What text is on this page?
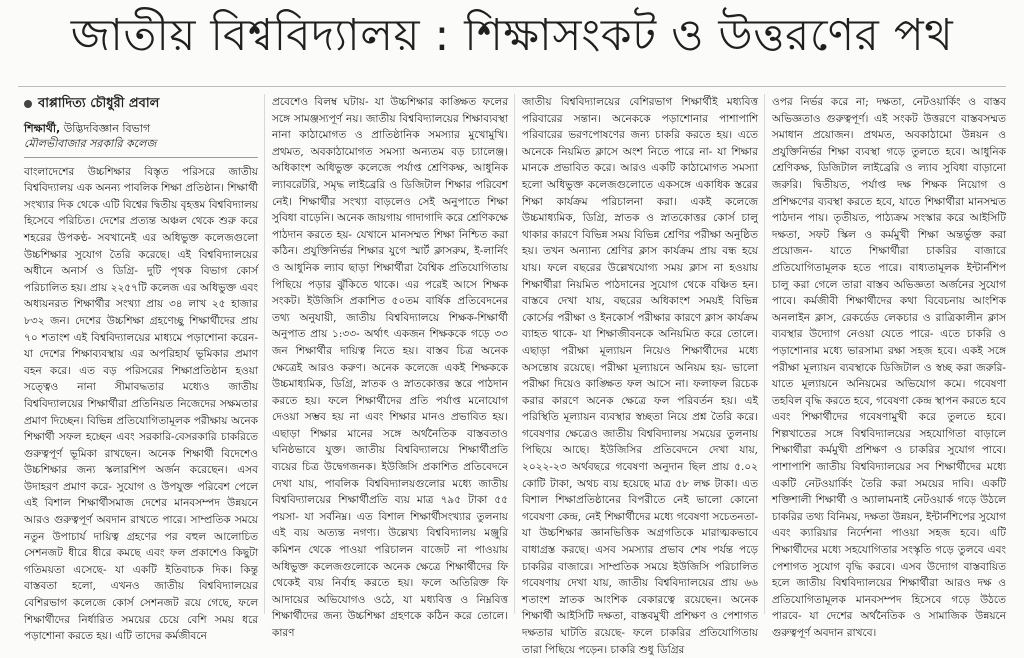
জাতীয় বিশ্ববিদ্যালয় : শিক্ষাসংকট ও উত্তরণের পথ
বাপ্পাদিত্য চৌধুরী প্রবাল
শিক্ষার্থী, উদ্ভিদবিজ্ঞান বিভাগ
মৌলভীবাজার সরকারি কলেজ

বাংলাদেশের উচ্চশিক্ষার বিস্তৃত পরিসরে জাতীয় বিশ্ববিদ্যালয় এক অনন্য পাবলিক শিক্ষা প্রতিষ্ঠান। শিক্ষার্থী সংখ্যার দিক থেকে এটি বিশ্বের দ্বিতীয় বৃহত্তম বিশ্ববিদ্যালয় হিসেবে পরিচিত। দেশের প্রত্যন্ত অঞ্চল থেকে শুরু করে শহরের উপকণ্ঠ- সবখানেই এর অধিভুক্ত কলেজগুলো উচ্চশিক্ষার সুযোগ তৈরি করেছে। এই বিশ্ববিদ্যালয়ের অধীনে অনার্স ও ডিগ্রি- দুটি পৃথক বিভাগ কোর্স পরিচালিত হয়। প্রায় ২২৫৭টি কলেজ এর অধিভুক্ত এবং অধ্যয়নরত শিক্ষার্থীর সংখ্যা প্রায় ৩৪ লাখ ২৫ হাজার ৮৩২ জন। দেশের উচ্চশিক্ষা গ্রহণেচ্ছু শিক্ষার্থীদের প্রায় ৭০ শতাংশ এই বিশ্ববিদ্যালয়ের মাধ্যমে পড়াশোনা করেন- যা দেশের শিক্ষাব্যবস্থায় এর অপরিহার্য ভূমিকার প্রমাণ বহন করে। এত বড় পরিসরের শিক্ষাপ্রতিষ্ঠান হওয়া সত্ত্বেও নানা সীমাবদ্ধতার মধ্যেও জাতীয় বিশ্ববিদ্যালয়ের শিক্ষার্থীরা প্রতিনিয়ত নিজেদের সক্ষমতার প্রমাণ দিচ্ছেন। বিভিন্ন প্রতিযোগিতামূলক পরীক্ষায় অনেক শিক্ষার্থী সফল হচ্ছেন এবং সরকারি-বেসরকারি চাকরিতে গুরুত্বপূর্ণ ভূমিকা রাখছেন। অনেক শিক্ষার্থী বিদেশেও উচ্চশিক্ষার জন্য স্কলারশিপ অর্জন করেছেন। এসব উদাহরণ প্রমাণ করে- সুযোগ ও উপযুক্ত পরিবেশ পেলে এই বিশাল শিক্ষার্থীসমাজ দেশের মানবসম্পদ উন্নয়নে আরও গুরুত্বপূর্ণ অবদান রাখতে পারে। সাম্প্রতিক সময়ে নতুন উপাচার্য দায়িত্ব গ্রহণের পর বহুল আলোচিত সেশনজট ধীরে ধীরে কমছে এবং ফল প্রকাশেও কিছুটা গতিময়তা এসেছে- যা একটি ইতিবাচক দিক। কিন্তু বাস্তবতা হলো, এখনও জাতীয় বিশ্ববিদ্যালয়ের বেশিরভাগ কলেজে কোর্স সেশনজট রয়ে গেছে, ফলে শিক্ষার্থীদের নির্ধারিত সময়ের চেয়ে বেশি সময় ধরে পড়াশোনা করতে হয়। এটি তাদের কর্মজীবনে

প্রবেশেও বিলম্ব ঘটায়- যা উচ্চশিক্ষার কাঙ্ক্ষিত ফলের সঙ্গে সামঞ্জস্যপূর্ণ নয়। জাতীয় বিশ্ববিদ্যালয়ের শিক্ষাব্যবস্থা নানা কাঠামোগত ও প্রাতিষ্ঠানিক সমস্যার মুখোমুখি। প্রথমত, অবকাঠামোগত সমস্যা অন্যতম বড় চ্যালেঞ্জ। অধিকাংশ অধিভুক্ত কলেজে পর্যাপ্ত শ্রেণিকক্ষ, আধুনিক ল্যাবরেটরি, সমৃদ্ধ লাইব্রেরি ও ডিজিটাল শিক্ষার পরিবেশ নেই। শিক্ষার্থীর সংখ্যা বাড়লেও সেই অনুপাতে শিক্ষা সুবিধা বাড়েনি। অনেক জায়গায় গাদাগাদি করে শ্রেণিকক্ষে পাঠদান করতে হয়- যেখানে মানসম্মত শিক্ষা নিশ্চিত করা কঠিন। প্রযুক্তিনির্ভর শিক্ষার যুগে স্মার্ট ক্লাসরুম, ই-লার্নিং ও আধুনিক ল্যাব ছাড়া শিক্ষার্থীরা বৈশ্বিক প্রতিযোগিতায় পিছিয়ে পড়ার ঝুঁকিতে থাকে। এর পরেই আসে শিক্ষক সংকট। ইউজিসি প্রকাশিত ৫০তম বার্ষিক প্রতিবেদনের তথ্য অনুযায়ী, জাতীয় বিশ্ববিদ্যালয়ে শিক্ষক-শিক্ষার্থী অনুপাত প্রায় ১:৩৩- অর্থাৎ একজন শিক্ষককে গড়ে ৩৩ জন শিক্ষার্থীর দায়িত্ব নিতে হয়। বাস্তব চিত্র অনেক ক্ষেত্রেই আরও করুণ। অনেক কলেজে একই শিক্ষককে উচ্চমাধ্যমিক, ডিগ্রি, স্নাতক ও স্নাতকোত্তর স্তরে পাঠদান করতে হয়। ফলে শিক্ষার্থীদের প্রতি পর্যাপ্ত মনোযোগ দেওয়া সম্ভব হয় না এবং শিক্ষার মানও প্রভাবিত হয়। এছাড়া শিক্ষার মানের সঙ্গে অর্থনৈতিক বাস্তবতাও ঘনিষ্ঠভাবে যুক্ত। জাতীয় বিশ্ববিদ্যালয়ে শিক্ষার্থীপ্রতি ব্যয়ের চিত্র উদ্বেগজনক। ইউজিসি প্রকাশিত প্রতিবেদনে দেখা যায়, পাবলিক বিশ্ববিদ্যালয়গুলোর মধ্যে জাতীয় বিশ্ববিদ্যালয়ের শিক্ষার্থীপ্রতি ব্যয় মাত্র ৭৯৫ টাকা ৫৫ পয়সা- যা সর্বনিম্ন। এত বিশাল শিক্ষার্থীসংখ্যার তুলনায় এই ব্যয় অত্যন্ত নগণ্য। উল্লেখ্য বিশ্ববিদ্যালয় মঞ্জুরি কমিশন থেকে পাওয়া পরিচালন বাজেট না পাওয়ায় অধিভুক্ত কলেজগুলোকে অনেক ক্ষেত্রে শিক্ষার্থীদের ফি থেকেই ব্যয় নির্বাহ করতে হয়। ফলে অতিরিক্ত ফি আদায়ের অভিযোগও ওঠে, যা মধ্যবিত্ত ও নিম্নবিত্ত শিক্ষার্থীদের জন্য উচ্চশিক্ষা গ্রহণকে কঠিন করে তোলে। কারণ

জাতীয় বিশ্ববিদ্যালয়ের বেশিরভাগ শিক্ষার্থীই মধ্যবিত্ত পরিবারের সন্তান। অনেককে পড়াশোনার পাশাপাশি পরিবারের ভরণপোষণের জন্য চাকরি করতে হয়। এতে অনেকে নিয়মিত ক্লাসে অংশ নিতে পারে না- যা শিক্ষার মানকে প্রভাবিত করে। আরও একটি কাঠামোগত সমস্যা হলো অধিভুক্ত কলেজগুলোতে একসঙ্গে একাধিক স্তরের শিক্ষা কার্যক্রম পরিচালনা করা। একই কলেজে উচ্চমাধ্যমিক, ডিগ্রি, স্নাতক ও স্নাতকোত্তর কোর্স চালু থাকার কারণে বিভিন্ন সময় বিভিন্ন শ্রেণির পরীক্ষা অনুষ্ঠিত হয়। তখন অন্যান্য শ্রেণির ক্লাস কার্যক্রম প্রায় বন্ধ হয়ে যায়। ফলে বছরের উল্লেখযোগ্য সময় ক্লাস না হওয়ায় শিক্ষার্থীরা নিয়মিত পাঠদানের সুযোগ থেকে বঞ্চিত হন। বাস্তবে দেখা যায়, বছরের অধিকাংশ সময়ই বিভিন্ন কোর্সের পরীক্ষা ও ইনকোর্স পরীক্ষার কারণে ক্লাস কার্যক্রম ব্যাহত থাকে- যা শিক্ষাজীবনকে অনিয়মিত করে তোলে। এছাড়া পরীক্ষা মূল্যায়ন নিয়েও শিক্ষার্থীদের মধ্যে অসন্তোষ রয়েছে। পরীক্ষা মূল্যায়নে অনিয়ম হয়- ভালো পরীক্ষা দিয়েও কাঙ্ক্ষিত ফল আসে না। ফলাফল রিচেক করার কারণে অনেক ক্ষেত্রে ফল পরিবর্তন হয়। এই পরিস্থিতি মূল্যায়ন ব্যবস্থার স্বচ্ছতা নিয়ে প্রশ্ন তৈরি করে। গবেষণার ক্ষেত্রেও জাতীয় বিশ্ববিদ্যালয় সময়ের তুলনায় পিছিয়ে আছে। ইউজিসির প্রতিবেদনে দেখা যায়, ২০২২-২৩ অর্থবছরে গবেষণা অনুদান ছিল প্রায় ৫.০২ কোটি টাকা, অথচ ব্যয় হয়েছে মাত্র ৫৮ লক্ষ টাকা। এত বিশাল শিক্ষাপ্রতিষ্ঠানের বিপরীতে নেই ভালো কোনো গবেষণা কেন্দ্র, নেই শিক্ষার্থীদের মধ্যে গবেষণা সচেতনতা- যা উচ্চশিক্ষার জ্ঞানভিত্তিক অগ্রগতিকে মারাত্মকভাবে বাধাগ্রস্ত করছে। এসব সমস্যার প্রভাব শেষ পর্যন্ত পড়ে চাকরির বাজারে। সাম্প্রতিক সময়ে ইউজিসি পরিচালিত গবেষণায় দেখা যায়, জাতীয় বিশ্ববিদ্যালয়ের প্রায় ৬৬ শতাংশ স্নাতক আংশিক বেকারত্বে রয়েছেন। অনেক শিক্ষার্থী আইসিটি দক্ষতা, বাস্তবমুখী প্রশিক্ষণ ও পেশাগত দক্ষতার ঘাটতি রয়েছে- ফলে চাকরির প্রতিযোগিতায় তারা পিছিয়ে পড়েন। চাকরি শুধু ডিগ্রির

ওপর নির্ভর করে না; দক্ষতা, নেটওয়ার্কিং ও বাস্তব অভিজ্ঞতাও গুরুত্বপূর্ণ। এই সংকট উত্তরণে বাস্তবসম্মত সমাধান প্রয়োজন। প্রথমত, অবকাঠামো উন্নয়ন ও প্রযুক্তিনির্ভর শিক্ষা ব্যবস্থা গড়ে তুলতে হবে। আধুনিক শ্রেণিকক্ষ, ডিজিটাল লাইব্রেরি ও ল্যাব সুবিধা বাড়ানো জরুরি। দ্বিতীয়ত, পর্যাপ্ত দক্ষ শিক্ষক নিয়োগ ও প্রশিক্ষণের ব্যবস্থা করতে হবে, যাতে শিক্ষার্থীরা মানসম্মত পাঠদান পায়। তৃতীয়ত, পাঠ্যক্রম সংস্কার করে আইসিটি দক্ষতা, সফট স্কিল ও কর্মমুখী শিক্ষা অন্তর্ভুক্ত করা প্রয়োজন- যাতে শিক্ষার্থীরা চাকরির বাজারে প্রতিযোগিতামূলক হতে পারে। বাধ্যতামূলক ইন্টার্নশিপ চালু করা গেলে তারা বাস্তব অভিজ্ঞতা অর্জনের সুযোগ পাবে। কর্মজীবী শিক্ষার্থীদের কথা বিবেচনায় আংশিক অনলাইন ক্লাস, রেকর্ডেড লেকচার ও রাত্রিকালীন ক্লাস ব্যবস্থার উদ্যোগ নেওয়া যেতে পারে- এতে চাকরি ও পড়াশোনার মধ্যে ভারসাম্য রক্ষা সহজ হবে। একই সঙ্গে পরীক্ষা মূল্যায়ন ব্যবস্থাকে ডিজিটাল ও স্বচ্ছ করা জরুরি- যাতে মূল্যায়নে অনিয়মের অভিযোগ কমে। গবেষণা তহবিল বৃদ্ধি করতে হবে, গবেষণা কেন্দ্র স্থাপন করতে হবে এবং শিক্ষার্থীদের গবেষণামুখী করে তুলতে হবে। শিল্পখাতের সঙ্গে বিশ্ববিদ্যালয়ের সহযোগিতা বাড়ালে শিক্ষার্থীরা কর্মমুখী প্রশিক্ষণ ও চাকরির সুযোগ পাবে। পাশাপাশি জাতীয় বিশ্ববিদ্যালয়ের সব শিক্ষার্থীদের মধ্যে একটি নেটওয়ার্কিং তৈরি করা সময়ের দাবি। একটি শক্তিশালী শিক্ষার্থী ও অ্যালামনাই নেটওয়ার্ক গড়ে উঠলে চাকরির তথ্য বিনিময়, দক্ষতা উন্নয়ন, ইন্টার্নশিপের সুযোগ এবং ক্যারিয়ার নির্দেশনা পাওয়া সহজ হবে। এটি শিক্ষার্থীদের মধ্যে সহযোগিতার সংস্কৃতি গড়ে তুলবে এবং পেশাগত সুযোগ বৃদ্ধি করবে। এসব উদ্যোগ বাস্তবায়িত হলে জাতীয় বিশ্ববিদ্যালয়ের শিক্ষার্থীরা আরও দক্ষ ও প্রতিযোগিতামূলক মানবসম্পদ হিসেবে গড়ে উঠতে পারবে- যা দেশের অর্থনৈতিক ও সামাজিক উন্নয়নে গুরুত্বপূর্ণ অবদান রাখবে।
